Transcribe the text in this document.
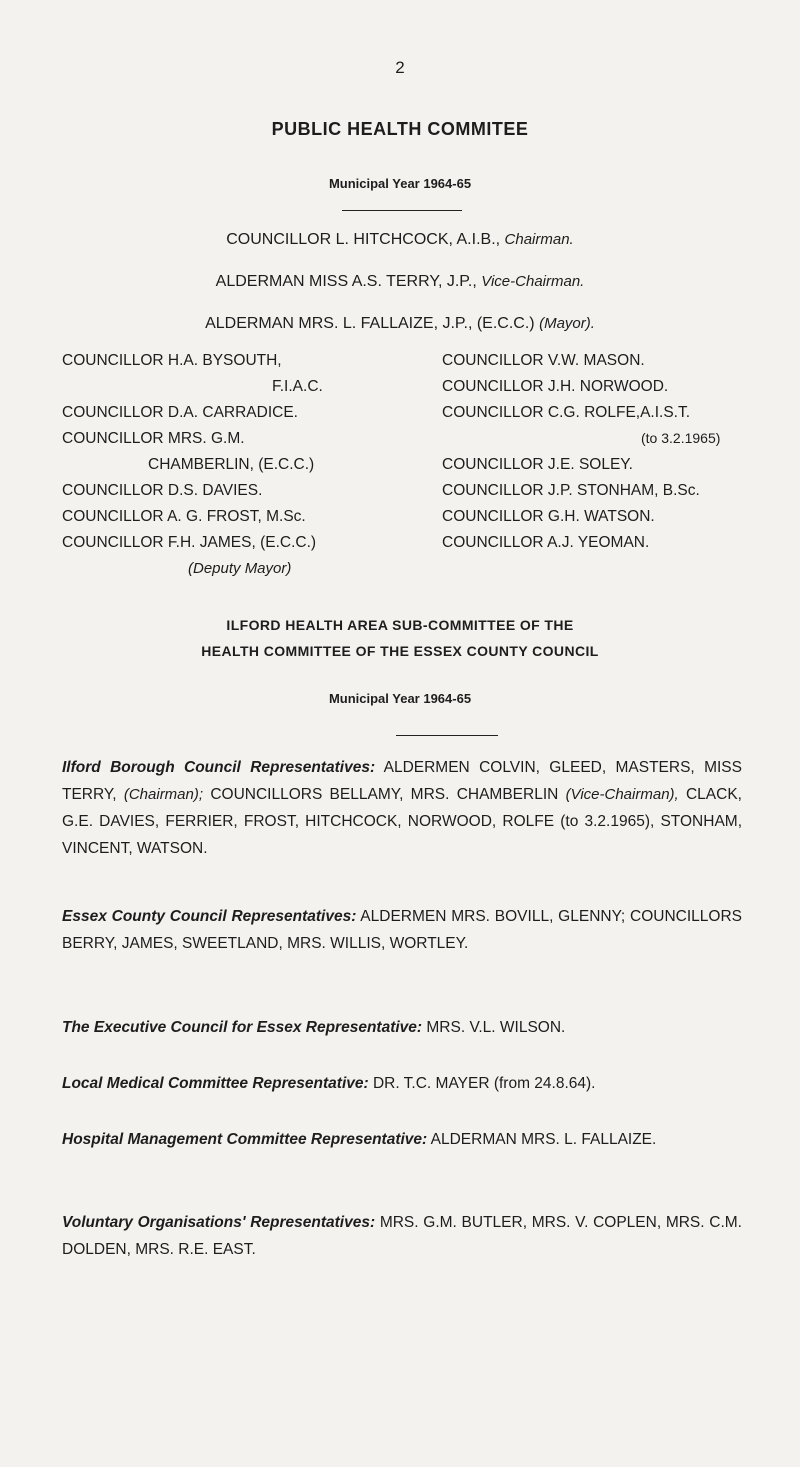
2
PUBLIC HEALTH COMMITEE
Municipal Year 1964-65
COUNCILLOR L. HITCHCOCK, A.I.B., Chairman.
ALDERMAN MISS A.S. TERRY, J.P., Vice-Chairman.
ALDERMAN MRS. L. FALLAIZE, J.P., (E.C.C.) (Mayor).
COUNCILLOR H.A. BYSOUTH,
F.I.A.C.
COUNCILLOR D.A. CARRADICE.
COUNCILLOR MRS. G.M.
CHAMBERLIN, (E.C.C.)
COUNCILLOR D.S. DAVIES.
COUNCILLOR A. G. FROST, M.Sc.
COUNCILLOR F.H. JAMES, (E.C.C.)
(Deputy Mayor)
COUNCILLOR V.W. MASON.
COUNCILLOR J.H. NORWOOD.
COUNCILLOR C.G. ROLFE,A.I.S.T.
(to 3.2.1965)
COUNCILLOR J.E. SOLEY.
COUNCILLOR J.P. STONHAM, B.Sc.
COUNCILLOR G.H. WATSON.
COUNCILLOR A.J. YEOMAN.
ILFORD HEALTH AREA SUB-COMMITTEE OF THE
HEALTH COMMITTEE OF THE ESSEX COUNTY COUNCIL
Municipal Year 1964-65
Ilford Borough Council Representatives: ALDERMEN COLVIN, GLEED, MASTERS, MISS TERRY, (Chairman); COUNCILLORS BELLAMY, MRS. CHAMBERLIN (Vice-Chairman), CLACK, G.E. DAVIES, FERRIER, FROST, HITCHCOCK, NORWOOD, ROLFE (to 3.2.1965), STONHAM, VINCENT, WATSON.
Essex County Council Representatives: ALDERMEN MRS. BOVILL, GLENNY; COUNCILLORS BERRY, JAMES, SWEETLAND, MRS. WILLIS, WORTLEY.
The Executive Council for Essex Representative: MRS. V.L. WILSON.
Local Medical Committee Representative: DR. T.C. MAYER (from 24.8.64).
Hospital Management Committee Representative: ALDERMAN MRS. L. FALLAIZE.
Voluntary Organisations' Representatives: MRS. G.M. BUTLER, MRS. V. COPLEN, MRS. C.M. DOLDEN, MRS. R.E. EAST.
